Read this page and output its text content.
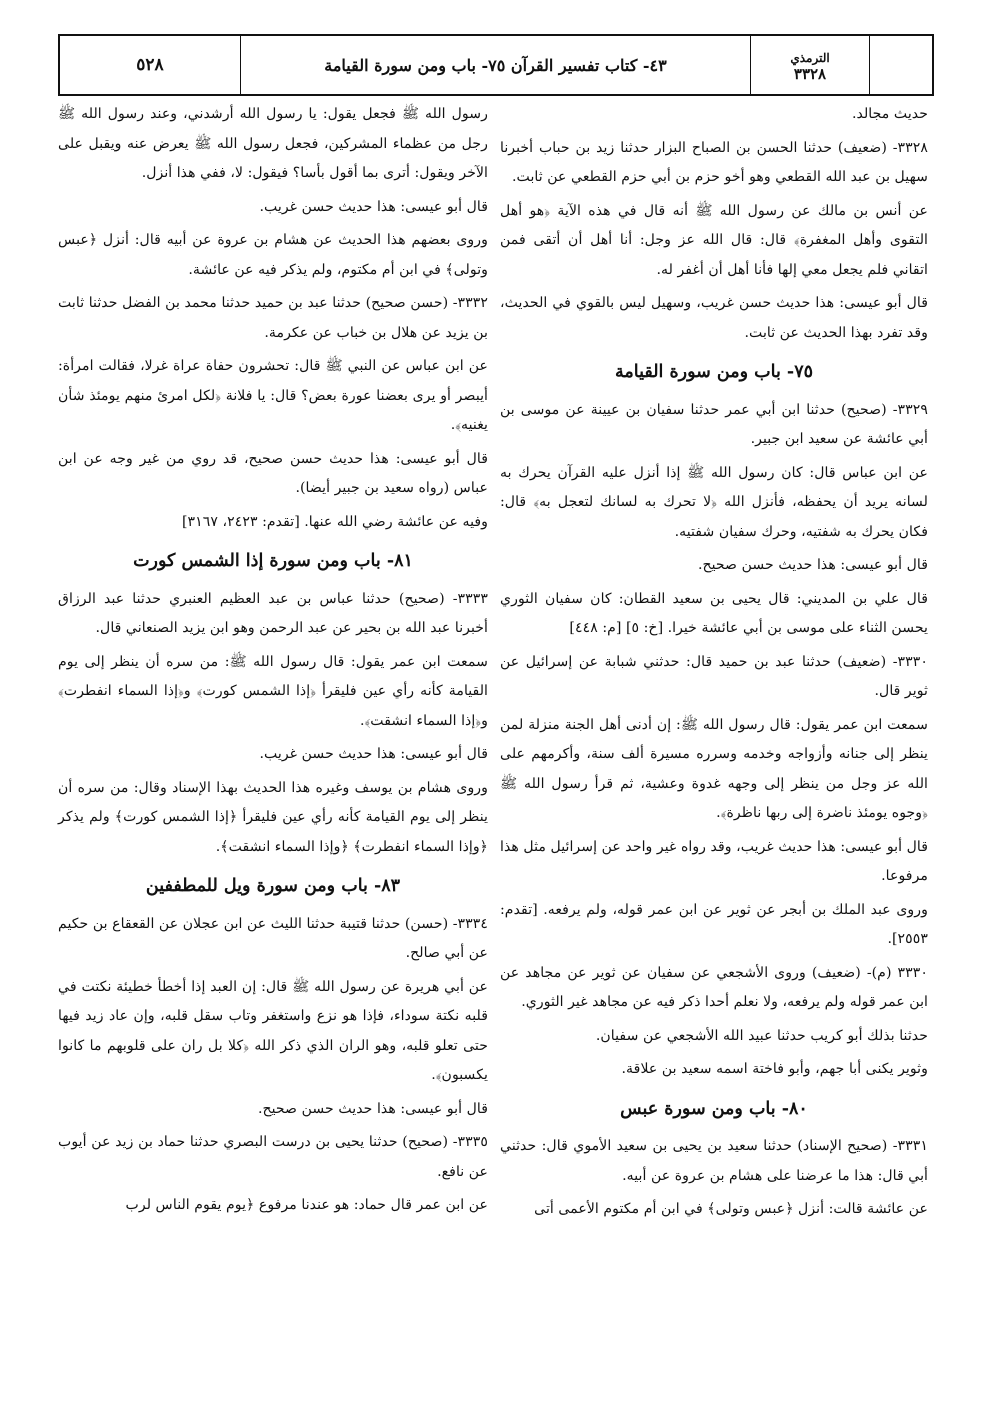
الترمذي
٣٣٢٨
٤٣- كتاب تفسير القرآن ٧٥- باب ومن سورة القيامة
٥٢٨

حديث مجالد.

٣٣٢٨- (ضعيف) حدثنا الحسن بن الصباح البزار حدثنا زيد بن حباب أخبرنا سهيل بن عبد الله القطعي وهو أخو حزم بن أبي حزم القطعي عن ثابت.

عن أنس بن مالك عن رسول الله ﷺ أنه قال في هذه الآية ﴿هو أهل التقوى وأهل المغفرة﴾ قال: قال الله عز وجل: أنا أهل أن أتقى فمن اتقاني فلم يجعل معي إلها فأنا أهل أن أغفر له.

قال أبو عيسى: هذا حديث حسن غريب، وسهيل ليس بالقوي في الحديث، وقد تفرد بهذا الحديث عن ثابت.

٧٥- باب ومن سورة القيامة

٣٣٢٩- (صحيح) حدثنا ابن أبي عمر حدثنا سفيان بن عيينة عن موسى بن أبي عائشة عن سعيد ابن جبير.

عن ابن عباس قال: كان رسول الله ﷺ إذا أنزل عليه القرآن يحرك به لسانه يريد أن يحفظه، فأنزل الله ﴿لا تحرك به لسانك لتعجل به﴾ قال: فكان يحرك به شفتيه، وحرك سفيان شفتيه.

قال أبو عيسى: هذا حديث حسن صحيح.

قال علي بن المديني: قال يحيى بن سعيد القطان: كان سفيان الثوري يحسن الثناء على موسى بن أبي عائشة خيرا. [خ: ٥] [م: ٤٤٨]

٣٣٣٠- (ضعيف) حدثنا عبد بن حميد قال: حدثني شبابة عن إسرائيل عن ثوير قال.

سمعت ابن عمر يقول: قال رسول الله ﷺ: إن أدنى أهل الجنة منزلة لمن ينظر إلى جنانه وأزواجه وخدمه وسرره مسيرة ألف سنة، وأكرمهم على الله عز وجل من ينظر إلى وجهه غدوة وعشية، ثم قرأ رسول الله ﷺ ﴿وجوه يومئذ ناضرة إلى ربها ناظرة﴾.

قال أبو عيسى: هذا حديث غريب، وقد رواه غير واحد عن إسرائيل مثل هذا مرفوعا.

وروى عبد الملك بن أبجر عن ثوير عن ابن عمر قوله، ولم يرفعه. [تقدم: ٢٥٥٣].

٣٣٣٠ (م)- (ضعيف) وروى الأشجعي عن سفيان عن ثوير عن مجاهد عن ابن عمر قوله ولم يرفعه، ولا نعلم أحدا ذكر فيه عن مجاهد غير الثوري.

حدثنا بذلك أبو كريب حدثنا عبيد الله الأشجعي عن سفيان.

وثوير يكنى أبا جهم، وأبو فاختة اسمه سعيد بن علاقة.

٨٠- باب ومن سورة عبس

٣٣٣١- (صحيح الإسناد) حدثنا سعيد بن يحيى بن سعيد الأموي قال: حدثني أبي قال: هذا ما عرضنا على هشام بن عروة عن أبيه.

عن عائشة قالت: أنزل ﴿عبس وتولى﴾ في ابن أم مكتوم الأعمى أتى

رسول الله ﷺ فجعل يقول: يا رسول الله أرشدني، وعند رسول الله ﷺ رجل من عظماء المشركين، فجعل رسول الله ﷺ يعرض عنه ويقبل على الآخر ويقول: أترى بما أقول بأسا؟ فيقول: لا، ففي هذا أنزل.

قال أبو عيسى: هذا حديث حسن غريب.

وروى بعضهم هذا الحديث عن هشام بن عروة عن أبيه قال: أنزل ﴿عبس وتولى﴾ في ابن أم مكتوم، ولم يذكر فيه عن عائشة.

٣٣٣٢- (حسن صحيح) حدثنا عبد بن حميد حدثنا محمد بن الفضل حدثنا ثابت بن يزيد عن هلال بن خباب عن عكرمة.

عن ابن عباس عن النبي ﷺ قال: تحشرون حفاة عراة غرلا، فقالت امرأة: أيبصر أو يرى بعضنا عورة بعض؟ قال: يا فلانة ﴿لكل امرئ منهم يومئذ شأن يغنيه﴾.

قال أبو عيسى: هذا حديث حسن صحيح، قد روي من غير وجه عن ابن عباس (رواه سعيد بن جبير أيضا).

وفيه عن عائشة رضي الله عنها. [تقدم: ٢٤٢٣، ٣١٦٧]

٨١- باب ومن سورة إذا الشمس كورت

٣٣٣٣- (صحيح) حدثنا عباس بن عبد العظيم العنبري حدثنا عبد الرزاق أخبرنا عبد الله بن بحير عن عبد الرحمن وهو ابن يزيد الصنعاني قال.

سمعت ابن عمر يقول: قال رسول الله ﷺ: من سره أن ينظر إلى يوم القيامة كأنه رأي عين فليقرأ ﴿إذا الشمس كورت﴾ و﴿إذا السماء انفطرت﴾ و﴿إذا السماء انشقت﴾.

قال أبو عيسى: هذا حديث حسن غريب.

وروى هشام بن يوسف وغيره هذا الحديث بهذا الإسناد وقال: من سره أن ينظر إلى يوم القيامة كأنه رأي عين فليقرأ ﴿إذا الشمس كورت﴾ ولم يذكر ﴿وإذا السماء انفطرت﴾ ﴿وإذا السماء انشقت﴾.

٨٣- باب ومن سورة ويل للمطففين

٣٣٣٤- (حسن) حدثنا قتيبة حدثنا الليث عن ابن عجلان عن القعقاع بن حكيم عن أبي صالح.

عن أبي هريرة عن رسول الله ﷺ قال: إن العبد إذا أخطأ خطيئة نكتت في قلبه نكتة سوداء، فإذا هو نزع واستغفر وتاب سقل قلبه، وإن عاد زيد فيها حتى تعلو قلبه، وهو الران الذي ذكر الله ﴿كلا بل ران على قلوبهم ما كانوا يكسبون﴾.

قال أبو عيسى: هذا حديث حسن صحيح.

٣٣٣٥- (صحيح) حدثنا يحيى بن درست البصري حدثنا حماد بن زيد عن أيوب عن نافع.

عن ابن عمر قال حماد: هو عندنا مرفوع ﴿يوم يقوم الناس لرب
